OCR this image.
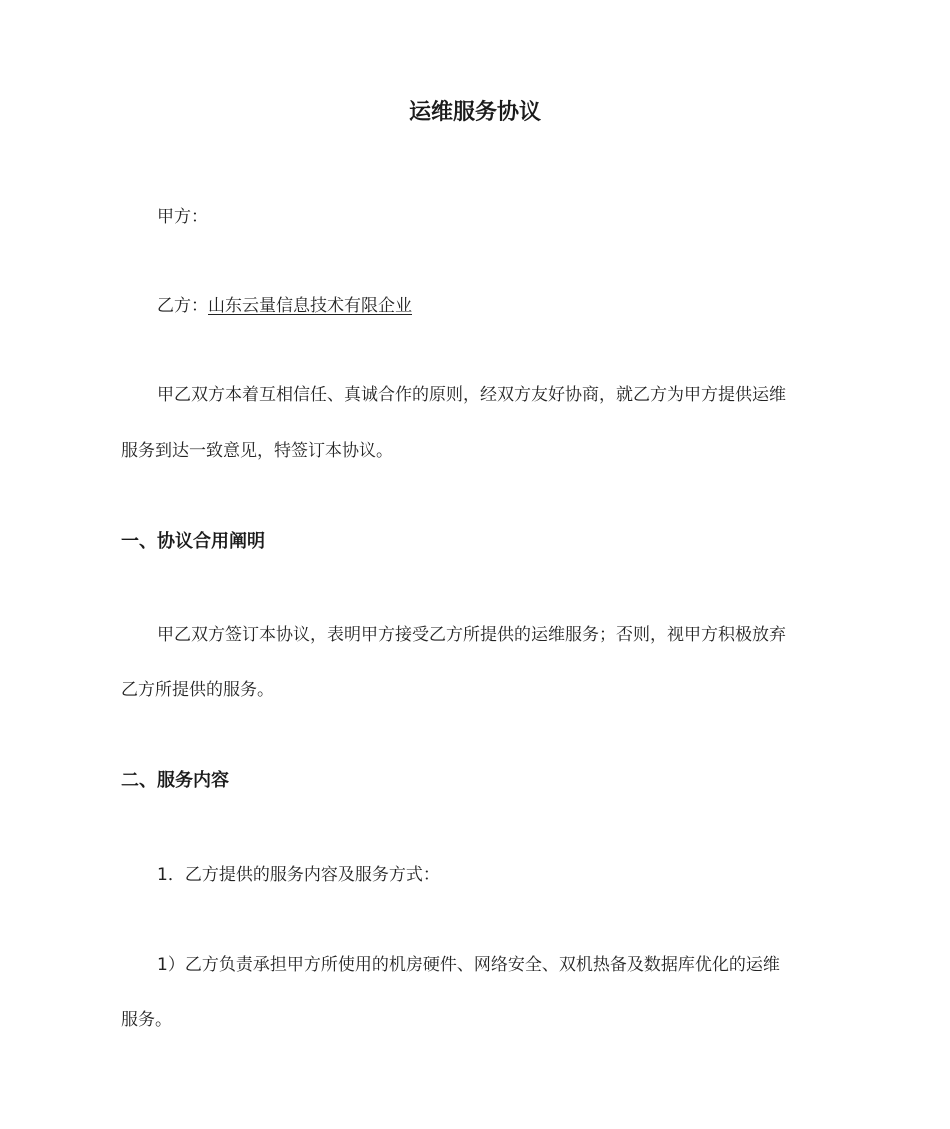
运维服务协议
甲方：
乙方：山东云量信息技术有限企业
甲乙双方本着互相信任、真诚合作的原则，经双方友好协商，就乙方为甲方提供运维
服务到达一致意见，特签订本协议。
一、协议合用阐明
甲乙双方签订本协议，表明甲方接受乙方所提供的运维服务；否则，视甲方积极放弃
乙方所提供的服务。
二、服务内容
1．乙方提供的服务内容及服务方式：
1）乙方负责承担甲方所使用的机房硬件、网络安全、双机热备及数据库优化的运维
服务。
